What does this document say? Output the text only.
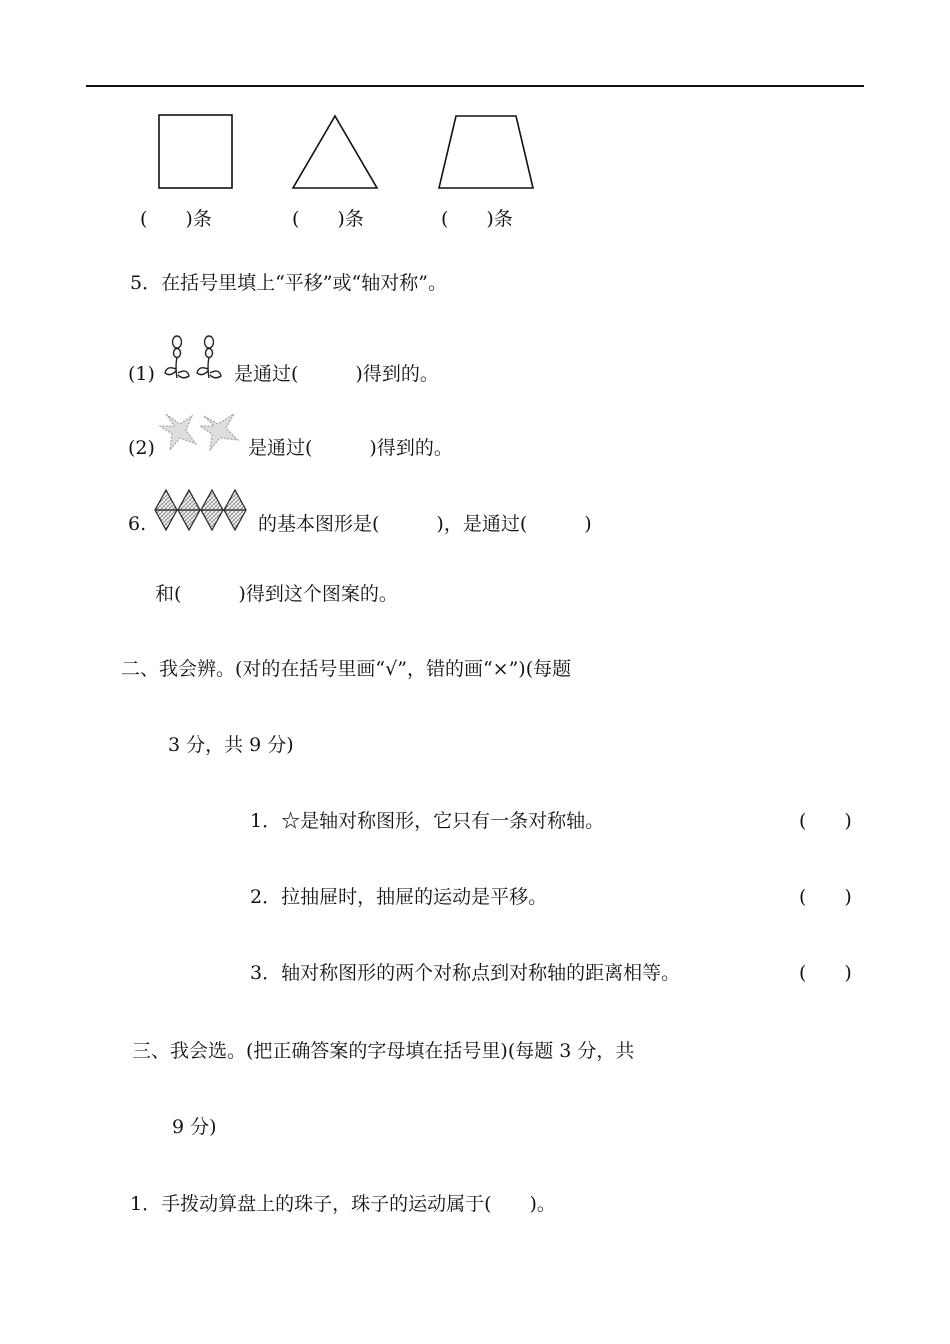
(　　)条	(　　)条	(　　)条
5．在括号里填上“平移”或“轴对称”。
(1)	是通过(　　　)得到的。
(2)	是通过(　　　)得到的。
6.	的基本图形是(　　　)，是通过(　　　)
和(　　　)得到这个图案的。
二、我会辨。(对的在括号里画“√”，错的画“×”)(每题
3 分，共 9 分)
1．☆是轴对称图形，它只有一条对称轴。	(　　)
2．拉抽屉时，抽屉的运动是平移。	(　　)
3．轴对称图形的两个对称点到对称轴的距离相等。	(　　)
三、我会选。(把正确答案的字母填在括号里)(每题 3 分，共
9 分)
1．手拨动算盘上的珠子，珠子的运动属于(　　)。
